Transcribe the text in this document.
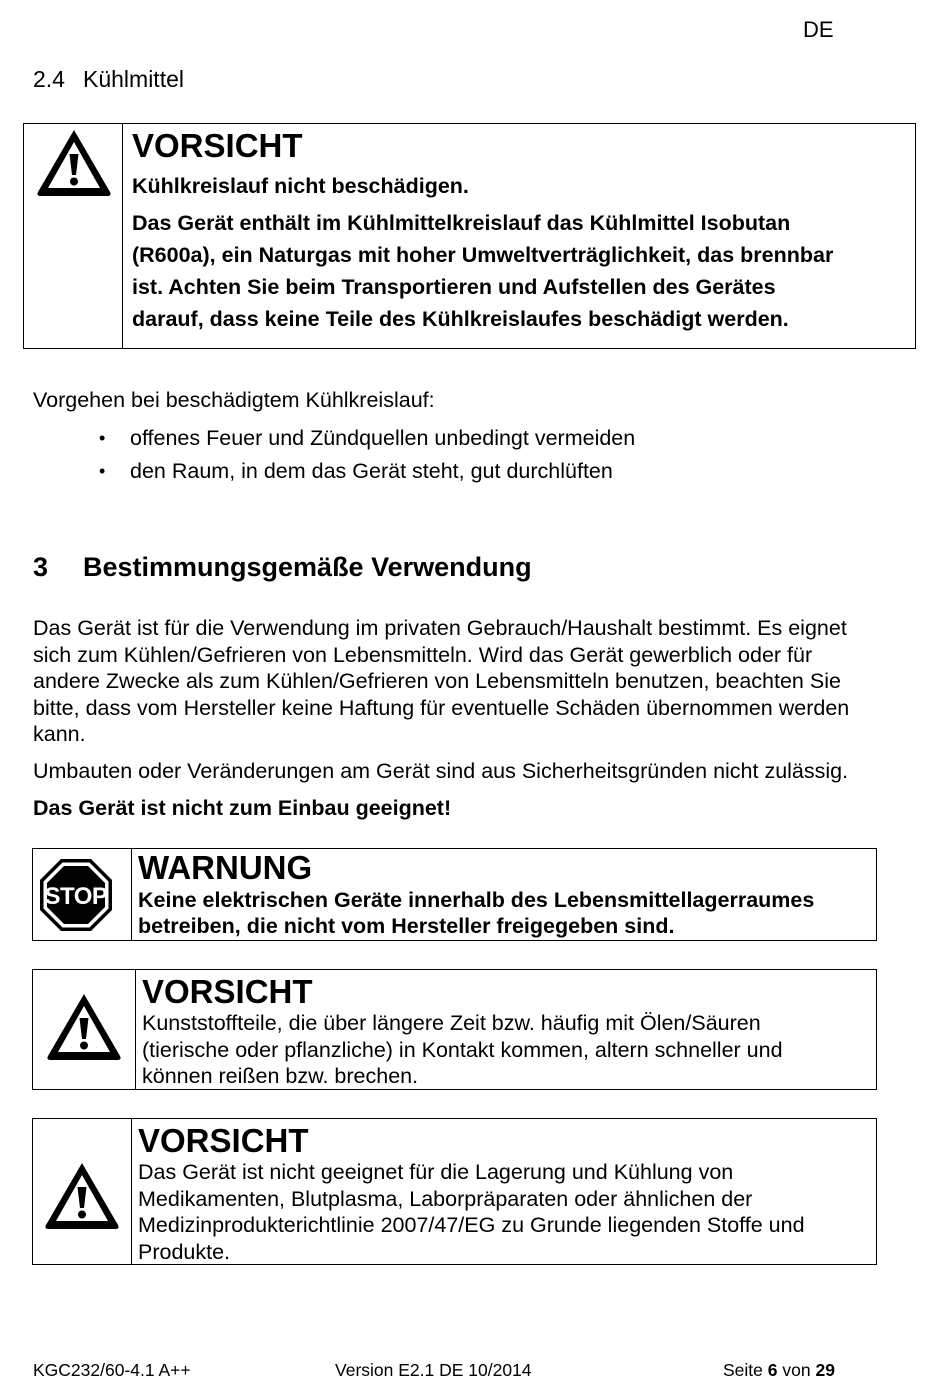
DE
2.4 Kühlmittel
VORSICHT
Kühlkreislauf nicht beschädigen.
Das Gerät enthält im Kühlmittelkreislauf das Kühlmittel Isobutan
(R600a), ein Naturgas mit hoher Umweltverträglichkeit, das brennbar
ist. Achten Sie beim Transportieren und Aufstellen des Gerätes
darauf, dass keine Teile des Kühlkreislaufes beschädigt werden.
Vorgehen bei beschädigtem Kühlkreislauf:
• offenes Feuer und Zündquellen unbedingt vermeiden
• den Raum, in dem das Gerät steht, gut durchlüften
3 Bestimmungsgemäße Verwendung
Das Gerät ist für die Verwendung im privaten Gebrauch/Haushalt bestimmt. Es eignet
sich zum Kühlen/Gefrieren von Lebensmitteln. Wird das Gerät gewerblich oder für
andere Zwecke als zum Kühlen/Gefrieren von Lebensmitteln benutzen, beachten Sie
bitte, dass vom Hersteller keine Haftung für eventuelle Schäden übernommen werden
kann.
Umbauten oder Veränderungen am Gerät sind aus Sicherheitsgründen nicht zulässig.
Das Gerät ist nicht zum Einbau geeignet!
STOP
WARNUNG
Keine elektrischen Geräte innerhalb des Lebensmittellagerraumes
betreiben, die nicht vom Hersteller freigegeben sind.
VORSICHT
Kunststoffteile, die über längere Zeit bzw. häufig mit Ölen/Säuren
(tierische oder pflanzliche) in Kontakt kommen, altern schneller und
können reißen bzw. brechen.
VORSICHT
Das Gerät ist nicht geeignet für die Lagerung und Kühlung von
Medikamenten, Blutplasma, Laborpräparaten oder ähnlichen der
Medizinprodukterichtlinie 2007/47/EG zu Grunde liegenden Stoffe und
Produkte.
KGC232/60-4.1 A++	Version E2.1 DE 10/2014	Seite 6 von 29
